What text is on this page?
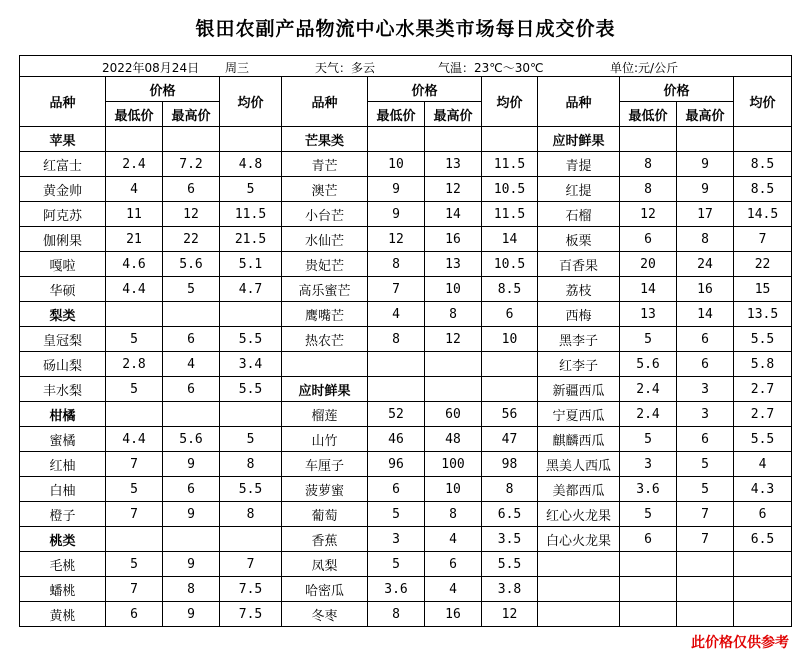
银田农副产品物流中心水果类市场每日成交价表
2022年08月24日 周三 天气：多云 气温：23℃～30℃ 单位:元/公斤											

品种	价格		均价	品种	价格		均价	品种	价格		均价
	最低价	最高价			最低价	最高价			最低价	最高价	
苹果				芒果类				应时鲜果			
红富士	2.4	7.2	4.8	青芒	10	13	11.5	青提	8	9	8.5
黄金帅	4	6	5	澳芒	9	12	10.5	红提	8	9	8.5
阿克苏	11	12	11.5	小台芒	9	14	11.5	石榴	12	17	14.5
伽俐果	21	22	21.5	水仙芒	12	16	14	板栗	6	8	7
嘎啦	4.6	5.6	5.1	贵妃芒	8	13	10.5	百香果	20	24	22
华硕	4.4	5	4.7	高乐蜜芒	7	10	8.5	荔枝	14	16	15
梨类				鹰嘴芒	4	8	6	西梅	13	14	13.5
皇冠梨	5	6	5.5	热农芒	8	12	10	黑李子	5	6	5.5
砀山梨	2.8	4	3.4					红李子	5.6	6	5.8
丰水梨	5	6	5.5	应时鲜果				新疆西瓜	2.4	3	2.7
柑橘				榴莲	52	60	56	宁夏西瓜	2.4	3	2.7
蜜橘	4.4	5.6	5	山竹	46	48	47	麒麟西瓜	5	6	5.5
红柚	7	9	8	车厘子	96	100	98	黑美人西瓜	3	5	4
白柚	5	6	5.5	菠萝蜜	6	10	8	美都西瓜	3.6	5	4.3
橙子	7	9	8	葡萄	5	8	6.5	红心火龙果	5	7	6
桃类				香蕉	3	4	3.5	白心火龙果	6	7	6.5
毛桃	5	9	7	凤梨	5	6	5.5				
蟠桃	7	8	7.5	哈密瓜	3.6	4	3.8				
黄桃	6	9	7.5	冬枣	8	16	12				
此价格仅供参考
